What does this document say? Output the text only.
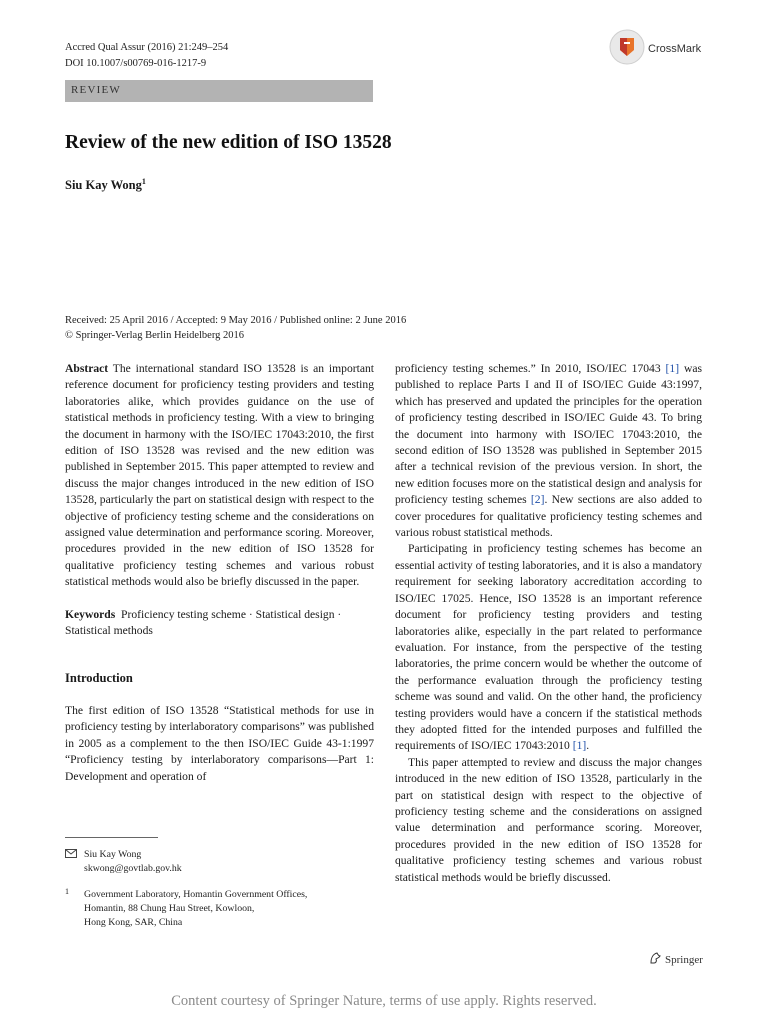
Accred Qual Assur (2016) 21:249–254
DOI 10.1007/s00769-016-1217-9
REVIEW
CrossMark
Review of the new edition of ISO 13528
Siu Kay Wong$^1$
Received: 25 April 2016 / Accepted: 9 May 2016 / Published online: 2 June 2016
© Springer-Verlag Berlin Heidelberg 2016

Abstract The international standard ISO 13528 is an important reference document for proficiency testing providers and testing laboratories alike, which provides guidance on the use of statistical methods in proficiency testing. With a view to bringing the document in harmony with the ISO/IEC 17043:2010, the first edition of ISO 13528 was revised and the new edition was published in September 2015. This paper attempted to review and discuss the major changes introduced in the new edition of ISO 13528, particularly the part on statistical design with respect to the objective of proficiency testing scheme and the considerations on assigned value determination and performance scoring. Moreover, procedures provided in the new edition of ISO 13528 for qualitative proficiency testing schemes and various robust statistical methods would also be briefly discussed in the paper.

Keywords Proficiency testing scheme · Statistical design · Statistical methods

Introduction

The first edition of ISO 13528 “Statistical methods for use in proficiency testing by interlaboratory comparisons” was published in 2005 as a complement to the then ISO/IEC Guide 43-1:1997 “Proficiency testing by interlaboratory comparisons—Part 1: Development and operation of

proficiency testing schemes.” In 2010, ISO/IEC 17043 [1] was published to replace Parts I and II of ISO/IEC Guide 43:1997, which has preserved and updated the principles for the operation of proficiency testing described in ISO/IEC Guide 43. To bring the document into harmony with ISO/IEC 17043:2010, the second edition of ISO 13528 was published in September 2015 after a technical revision of the previous version. In short, the new edition focuses more on the statistical design and analysis for proficiency testing schemes [2]. New sections are also added to cover procedures for qualitative proficiency testing schemes and various robust statistical methods.

Participating in proficiency testing schemes has become an essential activity of testing laboratories, and it is also a mandatory requirement for seeking laboratory accreditation according to ISO/IEC 17025. Hence, ISO 13528 is an important reference document for proficiency testing providers and testing laboratories alike, especially in the part related to performance evaluation. For instance, from the perspective of the testing laboratories, the prime concern would be whether the outcome of the performance evaluation through the proficiency testing scheme was sound and valid. On the other hand, the proficiency testing providers would have a concern if the statistical methods they adopted fitted for the intended purposes and fulfilled the requirements of ISO/IEC 17043:2010 [1].

This paper attempted to review and discuss the major changes introduced in the new edition of ISO 13528, particularly in the part on statistical design with respect to the objective of proficiency testing scheme and the considerations on assigned value determination and performance scoring. Moreover, procedures provided in the new edition of ISO 13528 for qualitative proficiency testing schemes and various robust statistical methods would be briefly discussed.

Siu Kay Wong
skwong@govtlab.gov.hk
1 Government Laboratory, Homantin Government Offices,
Homantin, 88 Chung Hau Street, Kowloon,
Hong Kong, SAR, China
Springer
Content courtesy of Springer Nature, terms of use apply. Rights reserved.
